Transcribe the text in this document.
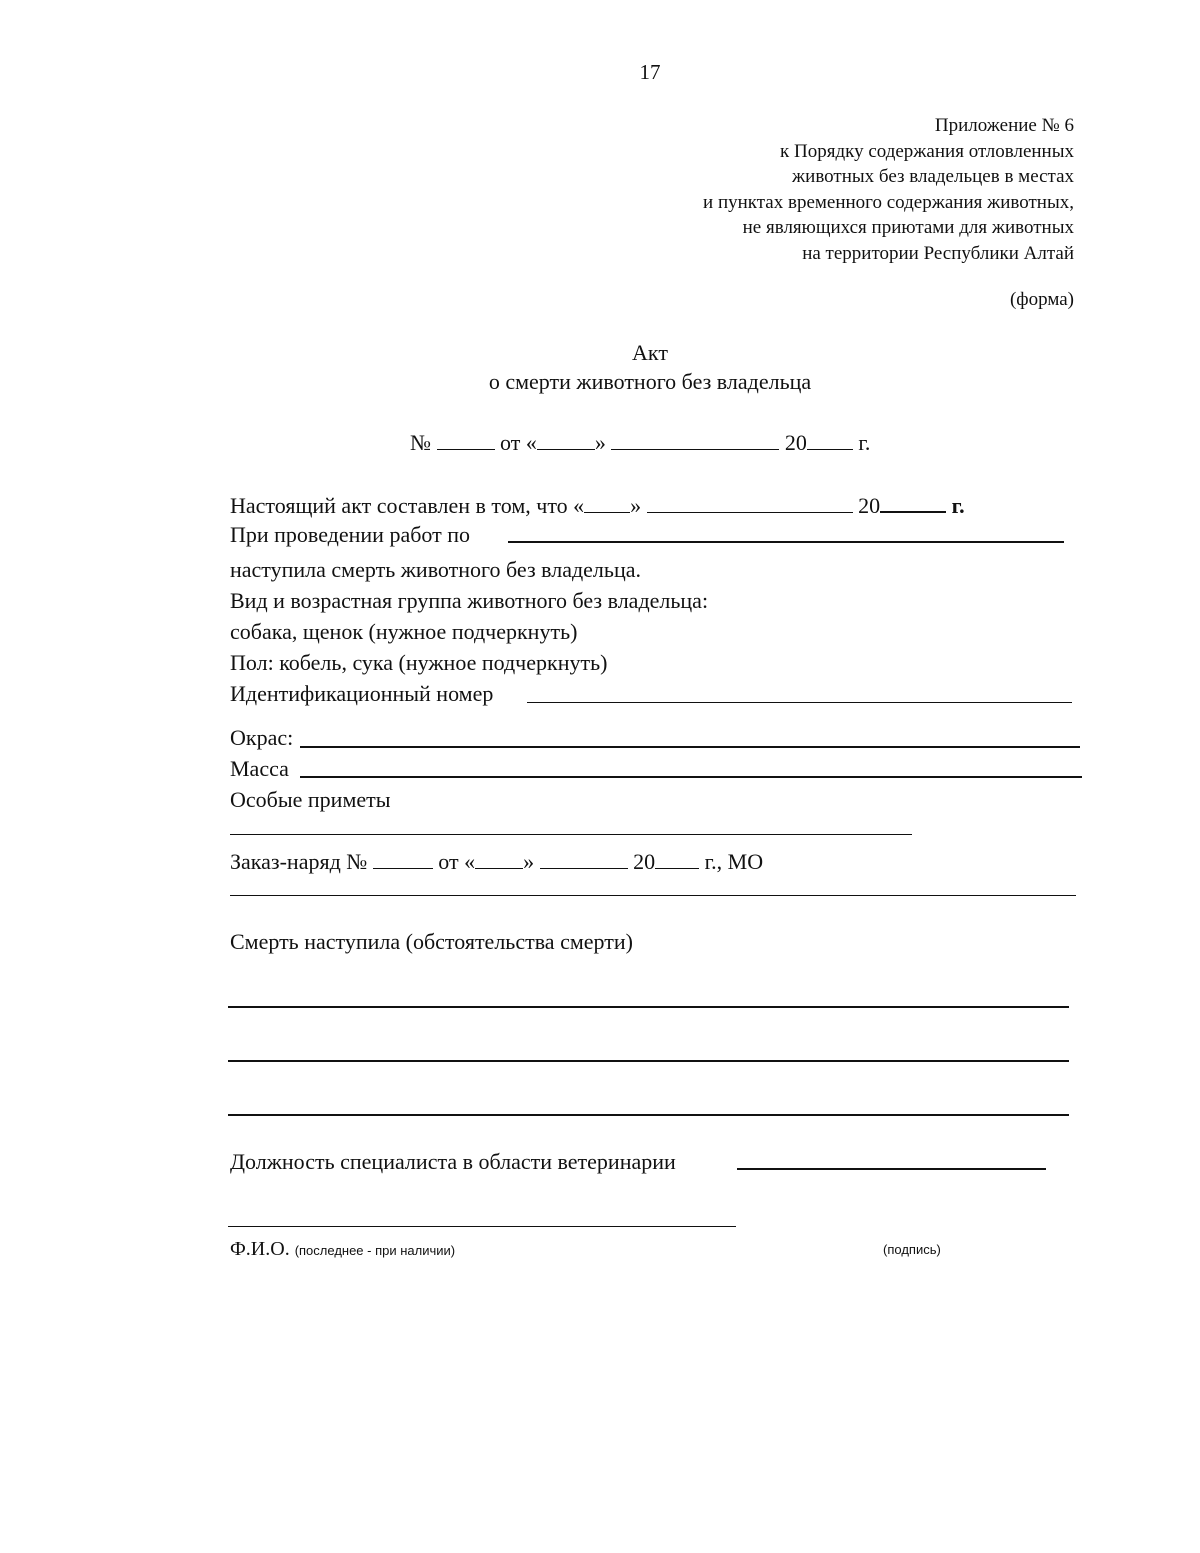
17
Приложение № 6
к Порядку содержания отловленных
животных без владельцев в местах
и пунктах временного содержания животных,
не являющихся приютами для животных
на территории Республики Алтай
(форма)
Акт
о смерти животного без владельца
№	от «	»	20 г.
Настоящий акт составлен в том, что « »	20	г.
При проведении работ по
наступила смерть животного без владельца.
Вид и возрастная группа животного без владельца:
собака, щенок (нужное подчеркнуть)
Пол: кобель, сука (нужное подчеркнуть)
Идентификационный номер
Окрас:
Масса
Особые приметы
Заказ-наряд №	от « »	20 г., МО
Смерть наступила (обстоятельства смерти)
Должность специалиста в области ветеринарии
Ф.И.О. (последнее - при наличии)	(подпись)
